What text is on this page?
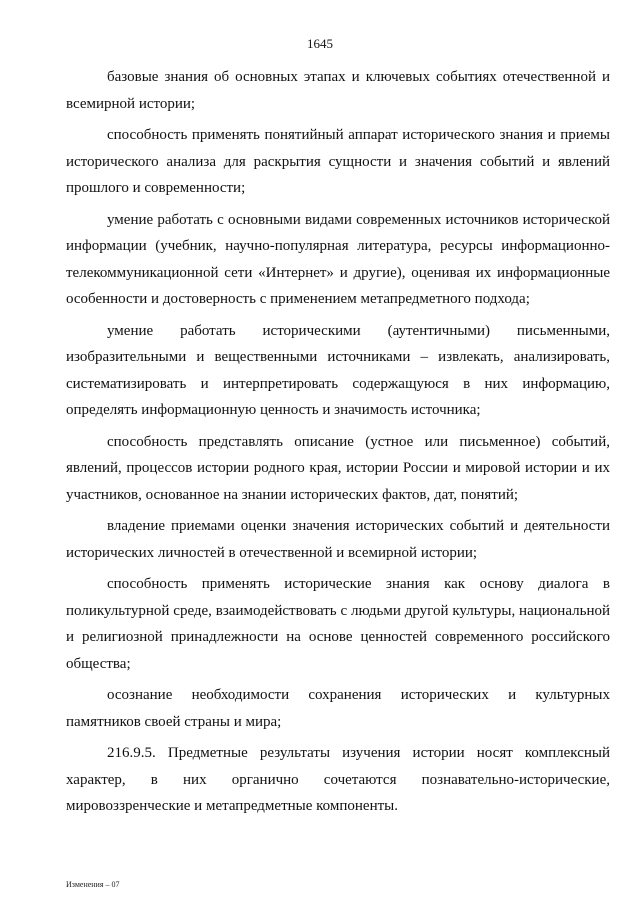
1645

базовые знания об основных этапах и ключевых событиях отечественной и всемирной истории;

способность применять понятийный аппарат исторического знания и приемы исторического анализа для раскрытия сущности и значения событий и явлений прошлого и современности;

умение работать с основными видами современных источников исторической информации (учебник, научно-популярная литература, ресурсы информационно-телекоммуникационной сети «Интернет» и другие), оценивая их информационные особенности и достоверность с применением метапредметного подхода;

умение работать историческими (аутентичными) письменными, изобразительными и вещественными источниками – извлекать, анализировать, систематизировать и интерпретировать содержащуюся в них информацию, определять информационную ценность и значимость источника;

способность представлять описание (устное или письменное) событий, явлений, процессов истории родного края, истории России и мировой истории и их участников, основанное на знании исторических фактов, дат, понятий;

владение приемами оценки значения исторических событий и деятельности исторических личностей в отечественной и всемирной истории;

способность применять исторические знания как основу диалога в поликультурной среде, взаимодействовать с людьми другой культуры, национальной и религиозной принадлежности на основе ценностей современного российского общества;

осознание необходимости сохранения исторических и культурных памятников своей страны и мира;

216.9.5. Предметные результаты изучения истории носят комплексный характер, в них органично сочетаются познавательно-исторические, мировоззренческие и метапредметные компоненты.

Изменения – 07
